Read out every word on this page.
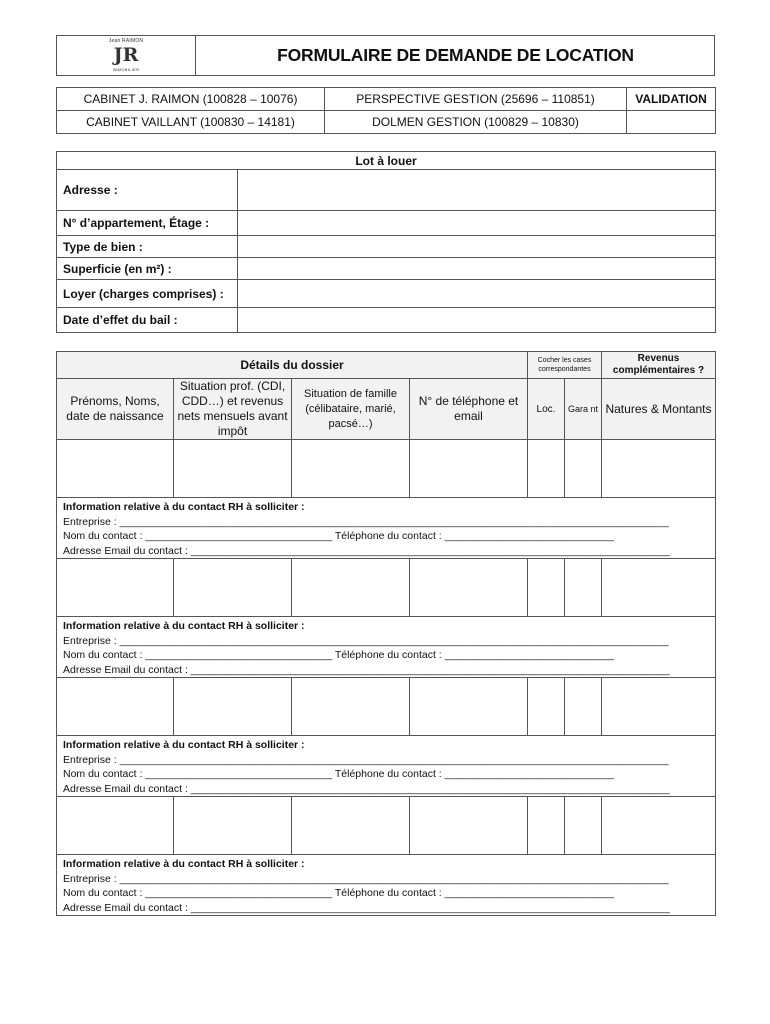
Jean RAIMON
JR
IMMOBILIER
FORMULAIRE DE DEMANDE DE LOCATION
CABINET J. RAIMON (100828 – 10076)	PERSPECTIVE GESTION (25696 – 110851)	VALIDATION
CABINET VAILLANT (100830 – 14181)	DOLMEN GESTION (100829 – 10830)	
Lot à louer	
Adresse :	
N° d’appartement, Étage :	
Type de bien :	
Superficie (en m²) :	
Loyer (charges comprises) :	
Date d’effet du bail :	
Détails du dossier				Cocher les cases correspondantes		Revenus complémentaires ?
Prénoms, Noms, date de naissance	Situation prof. (CDI, CDD…) et revenus nets mensuels avant impôt	Situation de famille (célibataire, marié, pacsé…)	N° de téléphone et email	Loc.	Gara nt	Natures & Montants

Information relative à du contact RH à solliciter :
Entreprise : ______________________________________________________________________________________________
Nom du contact : ________________________________ Téléphone du contact : _____________________________
Adresse Email du contact : __________________________________________________________________________________						

Information relative à du contact RH à solliciter :
Entreprise : ______________________________________________________________________________________________
Nom du contact : ________________________________ Téléphone du contact : _____________________________
Adresse Email du contact : __________________________________________________________________________________						

Information relative à du contact RH à solliciter :
Entreprise : ______________________________________________________________________________________________
Nom du contact : ________________________________ Téléphone du contact : _____________________________
Adresse Email du contact : __________________________________________________________________________________						

Information relative à du contact RH à solliciter :
Entreprise : ______________________________________________________________________________________________
Nom du contact : ________________________________ Téléphone du contact : _____________________________
Adresse Email du contact : __________________________________________________________________________________						
